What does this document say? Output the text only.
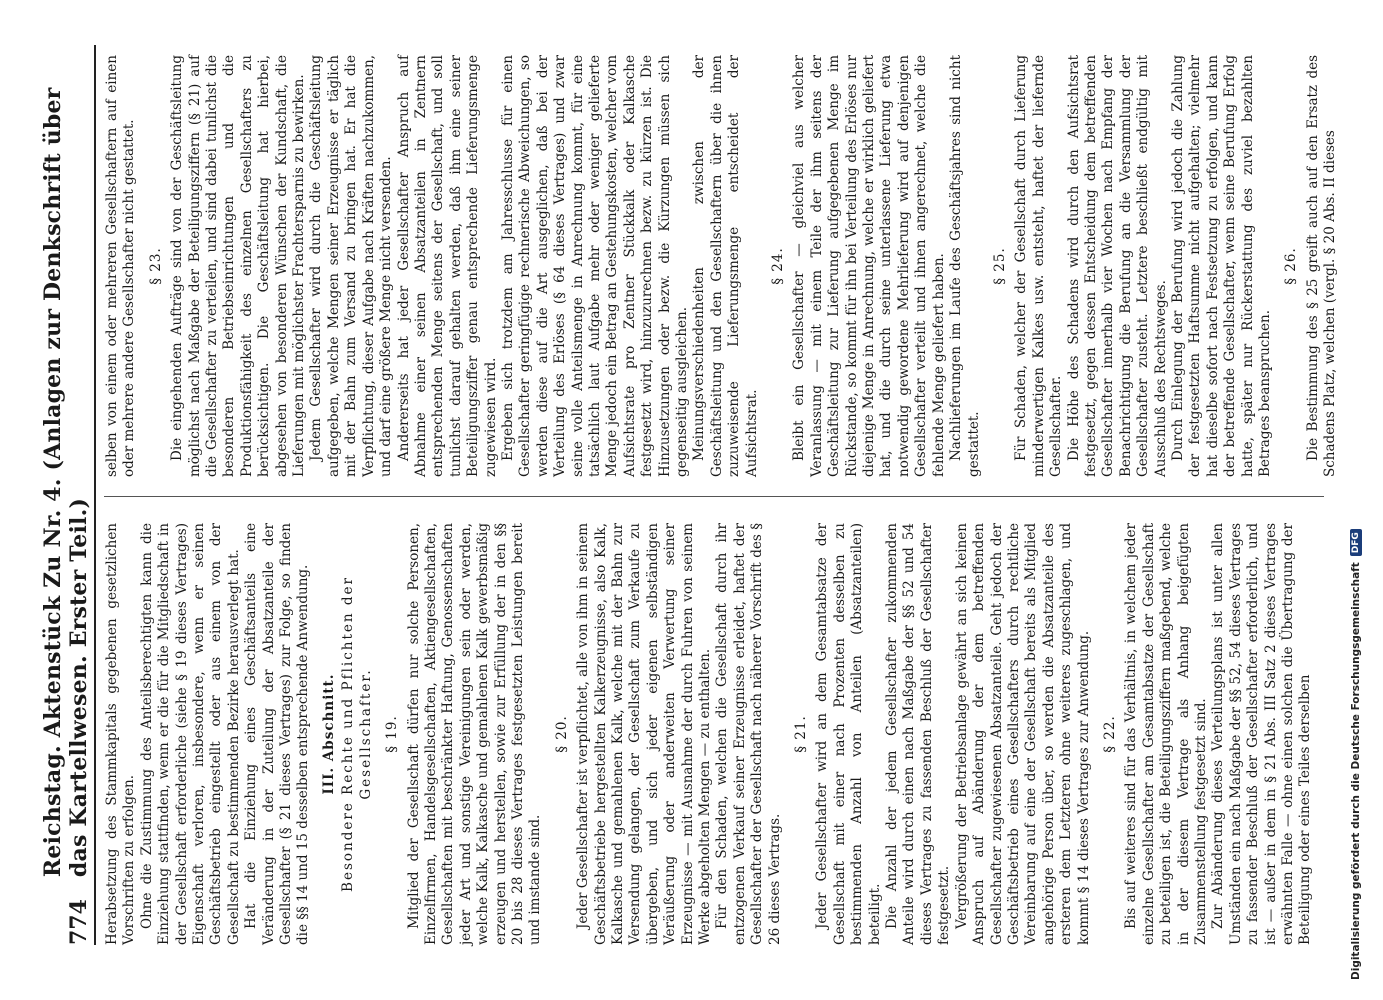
774
Reichstag. Aktenstück Zu Nr. 4. (Anlagen zur Denkschrift über das Kartellwesen. Erster Teil.) Herabsetzung des Stammkapitals gegebenen gesetzlichen Vorschriften zu erfolgen. Ohne die Zustimmung des Anteilsberechtigten kann die Einziehung stattfinden, wenn er die für die Mitgliedschaft in der Gesellschaft erforderliche (siehe § 19 dieses Vertrages) Eigenschaft verloren, insbesondere, wenn er seinen Geschäftsbetrieb eingestellt oder aus einem von der Gesellschaft zu bestimmenden Bezirke herausverlegt hat. Hat die Einziehung eines Geschäftsanteils eine Veränderung in der Zuteilung der Absatzanteile der Gesellschafter (§ 21 dieses Vertrages) zur Folge, so finden die §§ 14 und 15 desselben entsprechende Anwendung. III. Abschnitt. Besondere Rechte und Pflichten der Gesellschafter. § 19. Mitglied der Gesellschaft dürfen nur solche Personen, Einzelfirmen, Handelsgesellschaften, Aktiengesellschaften, Gesellschaften mit beschränkter Haftung, Genossenschaften jeder Art und sonstige Vereinigungen sein oder werden, welche Kalk, Kalkasche und gemahlenen Kalk gewerbsmäßig erzeugen und herstellen, sowie zur Erfüllung der in den §§ 20 bis 28 dieses Vertrages festgesetzten Leistungen bereit und imstande sind.

§ 20. Jeder Gesellschafter ist verpflichtet, alle von ihm in seinem Geschäftsbetriebe hergestellten Kalkerzeugnisse, also Kalk, Kalkasche und gemahlenen Kalk, welche mit der Bahn zur Versendung gelangen, der Gesellschaft zum Verkaufe zu übergeben, und sich jeder eigenen selbständigen Veräußerung oder anderweiten Verwertung seiner Erzeugnisse — mit Ausnahme der durch Fuhren von seinem Werke abgeholten Mengen — zu enthalten. Für den Schaden, welchen die Gesellschaft durch ihr entzogenen Verkauf seiner Erzeugnisse erleidet, haftet der Gesellschafter der Gesellschaft nach näherer Vorschrift des § 26 dieses Vertrags.

§ 21. Jeder Gesellschafter wird an dem Gesamtabsatze der Gesellschaft mit einer nach Prozenten desselben zu bestimmenden Anzahl von Anteilen (Absatzanteilen) beteiligt. Die Anzahl der jedem Gesellschafter zukommenden Anteile wird durch einen nach Maßgabe der §§ 52 und 54 dieses Vertrages zu fassenden Beschluß der Gesellschafter festgesetzt. Vergrößerung der Betriebsanlage gewährt an sich keinen Anspruch auf Abänderung der dem betreffenden Gesellschafter zugewiesenen Absatzanteile. Geht jedoch der Geschäftsbetrieb eines Gesellschafters durch rechtliche Vereinbarung auf eine der Gesellschaft bereits als Mitglied angehörige Person über, so werden die Absatzanteile des ersteren dem Letzteren ohne weiteres zugeschlagen, und kommt § 14 dieses Vertrages zur Anwendung. § 22. Bis auf weiteres sind für das Verhältnis, in welchem jeder einzelne Gesellschafter am Gesamtabsatze der Gesellschaft zu beteiligen ist, die Beteiligungsziffern maßgebend, welche in der diesem Vertrage als Anhang beigefügten Zusammenstellung festgesetzt sind. Zur Abänderung dieses Verteilungsplans ist unter allen Umständen ein nach Maßgabe der §§ 52, 54 dieses Vertrages zu fassender Beschluß der Gesellschafter erforderlich, und ist — außer in dem in § 21 Abs. III Satz 2 dieses Vertrages erwähnten Falle — ohne einen solchen die Übertragung der Beteiligung oder eines Teiles derselben

selben von einem oder mehreren Gesellschaftern auf einen oder mehrere andere Gesellschafter nicht gestattet. § 23. Die eingehenden Aufträge sind von der Geschäftsleitung möglichst nach Maßgabe der Beteiligungsziffern (§ 21) auf die Gesellschafter zu verteilen, und sind dabei tunlichst die besonderen Betriebseinrichtungen und die Produktionsfähigkeit des einzelnen Gesellschafters zu berücksichtigen. Die Geschäftsleitung hat hierbei, abgesehen von besonderen Wünschen der Kundschaft, die Lieferungen mit möglichster Frachtersparnis zu bewirken. Jedem Gesellschafter wird durch die Geschäftsleitung aufgegeben, welche Mengen seiner Erzeugnisse er täglich mit der Bahn zum Versand zu bringen hat. Er hat die Verpflichtung, dieser Aufgabe nach Kräften nachzukommen, und darf eine größere Menge nicht versenden. Andererseits hat jeder Gesellschafter Anspruch auf Abnahme einer seinen Absatzanteilen in Zentnern entsprechenden Menge seitens der Gesellschaft, und soll tunlichst darauf gehalten werden, daß ihm eine seiner Beteiligungsziffer genau entsprechende Lieferungsmenge zugewiesen wird. Ergeben sich trotzdem am Jahresschlusse für einen Gesellschafter geringfügige rechnerische Abweichungen, so werden diese auf die Art ausgeglichen, daß bei der Verteilung des Erlöses (§ 64 dieses Vertrages) und zwar seine volle Anteilsmenge in Anrechnung kommt, für eine tatsächlich laut Aufgabe mehr oder weniger gelieferte Menge jedoch ein Betrag an Gestehungskosten, welcher vom Aufsichtsrate pro Zentner Stückkalk oder Kalkasche festgesetzt wird, hinzuzurechnen bezw. zu kürzen ist. Die Hinzusetzungen oder bezw. die Kürzungen müssen sich gegenseitig ausgleichen. Meinungsverschiedenheiten zwischen der Geschäftsleitung und den Gesellschaftern über die ihnen zuzuweisende Lieferungsmenge entscheidet der Aufsichtsrat.

§ 24. Bleibt ein Gesellschafter — gleichviel aus welcher Veranlassung — mit einem Teile der ihm seitens der Geschäftsleitung zur Lieferung aufgegebenen Menge im Rückstande, so kommt für ihn bei Verteilung des Erlöses nur diejenige Menge in Anrechnung, welche er wirklich geliefert hat, und die durch seine unterlassene Lieferung etwa notwendig gewordene Mehrlieferung wird auf denjenigen Gesellschafter verteilt und ihnen angerechnet, welche die fehlende Menge geliefert haben. Nachlieferungen im Laufe des Geschäftsjahres sind nicht gestattet.

§ 25. Für Schaden, welcher der Gesellschaft durch Lieferung minderwertigen Kalkes usw. entsteht, haftet der liefernde Gesellschafter. Die Höhe des Schadens wird durch den Aufsichtsrat festgesetzt, gegen dessen Entscheidung dem betreffenden Gesellschafter innerhalb vier Wochen nach Empfang der Benachrichtigung die Berufung an die Versammlung der Gesellschafter zusteht. Letztere beschließt endgültig mit Ausschluß des Rechtsweges. Durch Einlegung der Berufung wird jedoch die Zahlung der festgesetzten Haftsumme nicht aufgehalten; vielmehr hat dieselbe sofort nach Festsetzung zu erfolgen, und kann der betreffende Gesellschafter, wenn seine Berufung Erfolg hatte, später nur Rückerstattung des zuviel bezahlten Betrages beanspruchen.

§ 26. Die Bestimmung des § 25 greift auch auf den Ersatz des Schadens Platz, welchen (vergl. § 20 Abs. II dieses

Digitalisierung gefördert durch die Deutsche Forschungsgemeinschaft
DFG
